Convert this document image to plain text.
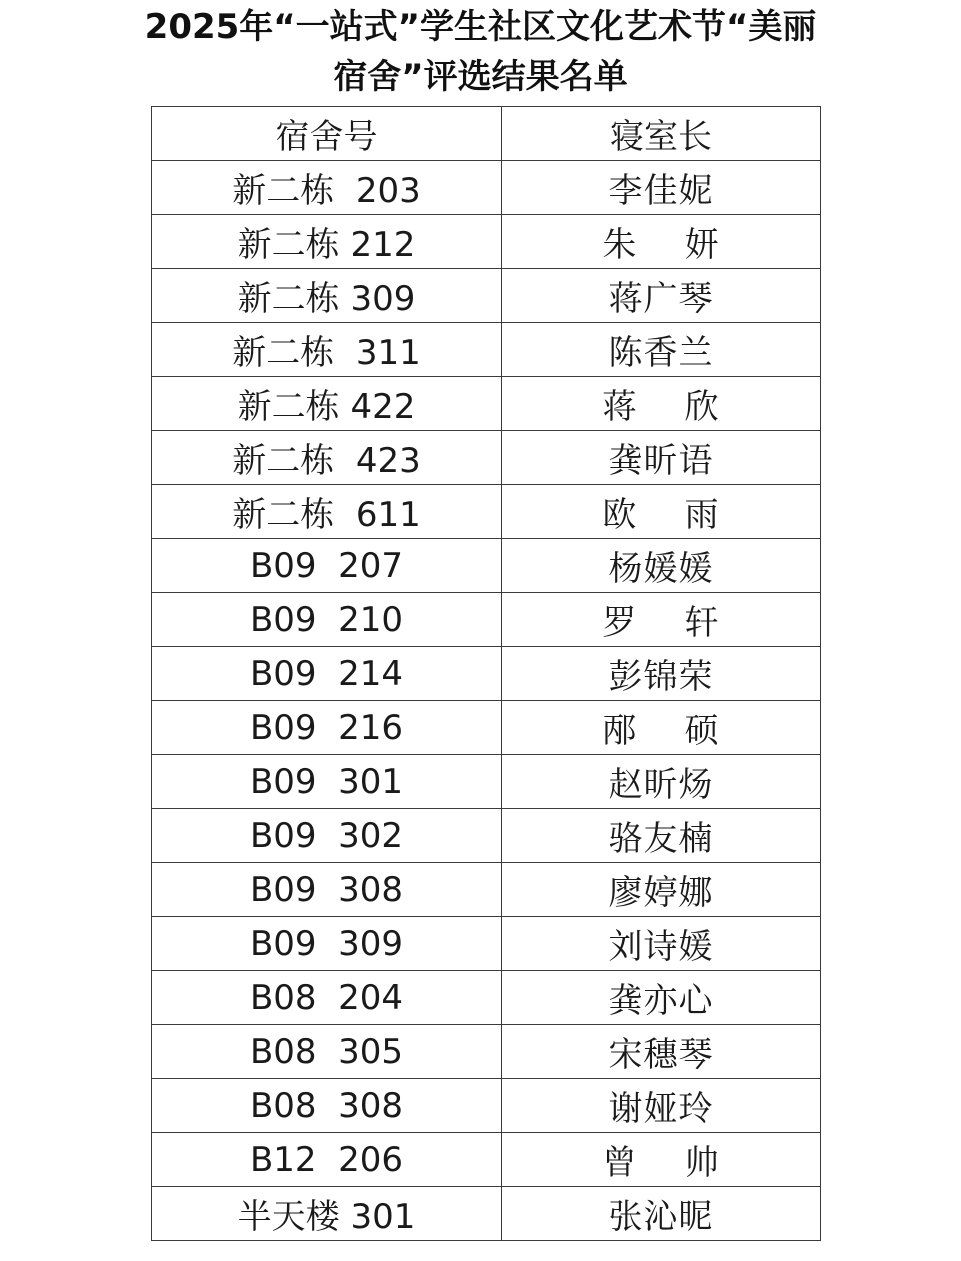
2025年“一站式”学生社区文化艺术节“美丽
宿舍”评选结果名单
宿舍号	寝室长
新二栋  203	李佳妮
新二栋 212	朱    妍
新二栋 309	蒋广琴
新二栋  311	陈香兰
新二栋 422	蒋    欣
新二栋  423	龚昕语
新二栋  611	欧    雨
B09  207	杨媛媛
B09  210	罗    轩
B09  214	彭锦荣
B09  216	邴    硕
B09  301	赵昕炀
B09  302	骆友楠
B09  308	廖婷娜
B09  309	刘诗媛
B08  204	龚亦心
B08  305	宋穗琴
B08  308	谢娅玲
B12  206	曾    帅
半天楼 301	张沁昵
